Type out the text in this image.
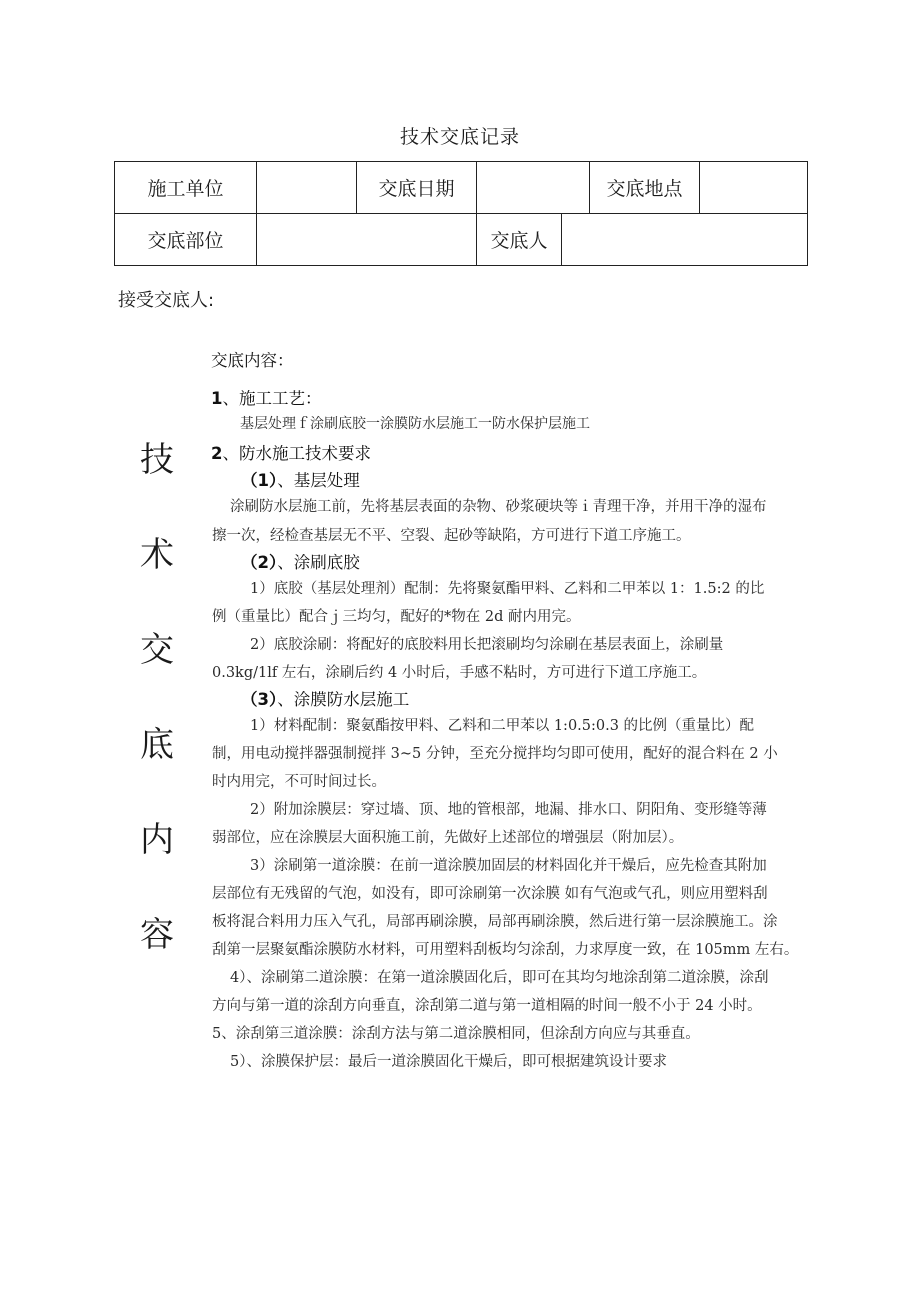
技术交底记录
施工单位		交底日期			交底地点	
交底部位			交底人			
接受交底人:
技
术
交
底
内
容
交底内容：
1、施工工艺：
基层处理ｆ涂刷底胶一涂膜防水层施工一防水保护层施工
2、防水施工技术要求
（1）、基层处理
涂刷防水层施工前，先将基层表面的杂物、砂浆硬块等ｉ青理干净，并用干净的湿布
擦一次，经检查基层无不平、空裂、起砂等缺陷，方可进行下道工序施工。
（2）、涂刷底胶
1）底胶（基层处理剂）配制：先将聚氨酯甲料、乙料和二甲苯以 1：1.5:2 的比
例（重量比）配合ｊ三均匀，配好的*物在 2d 耐内用完。
2）底胶涂刷：将配好的底胶料用长把滚刷均匀涂刷在基层表面上，涂刷量
0.3kg/1lf 左右，涂刷后约 4 小时后，手感不粘时，方可进行下道工序施工。
（3）、涂膜防水层施工
1）材料配制：聚氨酯按甲料、乙料和二甲苯以 1:0.5:0.3 的比例（重量比）配
制，用电动搅拌器强制搅拌 3~5 分钟，至充分搅拌均匀即可使用，配好的混合料在 2 小
时内用完，不可时间过长。
2）附加涂膜层：穿过墙、顶、地的管根部，地漏、排水口、阴阳角、变形缝等薄
弱部位，应在涂膜层大面积施工前，先做好上述部位的增强层（附加层）。
3）涂刷第一道涂膜：在前一道涂膜加固层的材料固化并干燥后，应先检查其附加
层部位有无残留的气泡，如没有，即可涂刷第一次涂膜 如有气泡或气孔，则应用塑料刮
板将混合料用力压入气孔，局部再刷涂膜，局部再刷涂膜，然后进行第一层涂膜施工。涂
刮第一层聚氨酯涂膜防水材料，可用塑料刮板均匀涂刮，力求厚度一致，在 105mm 左右。
4）、涂刷第二道涂膜：在第一道涂膜固化后，即可在其均匀地涂刮第二道涂膜，涂刮
方向与第一道的涂刮方向垂直，涂刮第二道与第一道相隔的时间一般不小于 24 小时。
5、涂刮第三道涂膜：涂刮方法与第二道涂膜相同，但涂刮方向应与其垂直。
5）、涂膜保护层：最后一道涂膜固化干燥后，即可根据建筑设计要求
